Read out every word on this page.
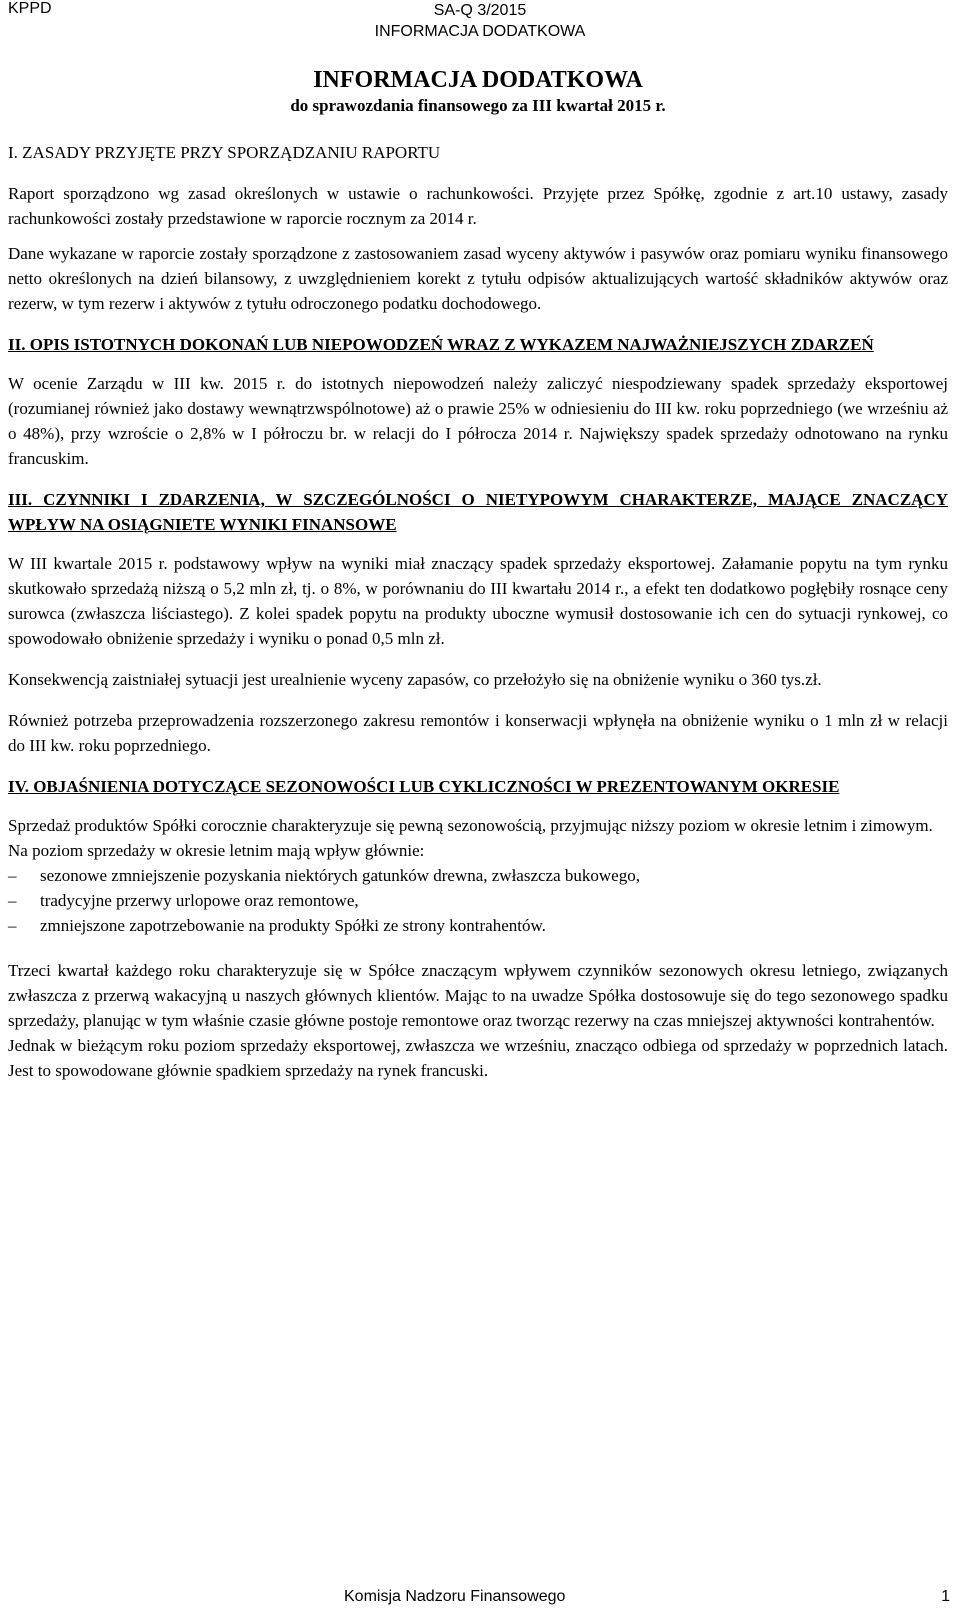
KPPD	SA-Q 3/2015
INFORMACJA DODATKOWA
INFORMACJA DODATKOWA
do sprawozdania finansowego za III kwartał 2015 r.
I. ZASADY PRZYJĘTE PRZY SPORZĄDZANIU RAPORTU

Raport sporządzono wg zasad określonych w ustawie o rachunkowości. Przyjęte przez Spółkę, zgodnie z art.10 ustawy, zasady rachunkowości zostały przedstawione w raporcie rocznym za 2014 r.

Dane wykazane w raporcie zostały sporządzone z zastosowaniem zasad wyceny aktywów i pasywów oraz pomiaru wyniku finansowego netto określonych na dzień bilansowy, z uwzględnieniem korekt z tytułu odpisów aktualizujących wartość składników aktywów oraz rezerw, w tym rezerw i aktywów z tytułu odroczonego podatku dochodowego.

II. OPIS ISTOTNYCH DOKONAŃ LUB NIEPOWODZEŃ WRAZ Z WYKAZEM NAJWAŻNIEJSZYCH ZDARZEŃ

W ocenie Zarządu w III kw. 2015 r. do istotnych niepowodzeń należy zaliczyć niespodziewany spadek sprzedaży eksportowej (rozumianej również jako dostawy wewnątrzwspólnotowe) aż o prawie 25% w odniesieniu do III kw. roku poprzedniego (we wrześniu aż o 48%), przy wzroście o 2,8% w I półroczu br. w relacji do I półrocza 2014 r. Największy spadek sprzedaży odnotowano na rynku francuskim.

III. CZYNNIKI I ZDARZENIA, W SZCZEGÓLNOŚCI O NIETYPOWYM CHARAKTERZE, MAJĄCE ZNACZĄCY WPŁYW NA OSIĄGNIETE WYNIKI FINANSOWE

W III kwartale 2015 r. podstawowy wpływ na wyniki miał znaczący spadek sprzedaży eksportowej. Załamanie popytu na tym rynku skutkowało sprzedażą niższą o 5,2 mln zł, tj. o 8%, w porównaniu do III kwartału 2014 r., a efekt ten dodatkowo pogłębiły rosnące ceny surowca (zwłaszcza liściastego). Z kolei spadek popytu na produkty uboczne wymusił dostosowanie ich cen do sytuacji rynkowej, co spowodowało obniżenie sprzedaży i wyniku o ponad 0,5 mln zł.

Konsekwencją zaistniałej sytuacji jest urealnienie wyceny zapasów, co przełożyło się na obniżenie wyniku o 360 tys.zł.

Również potrzeba przeprowadzenia rozszerzonego zakresu remontów i konserwacji wpłynęła na obniżenie wyniku o 1 mln zł w relacji do III kw. roku poprzedniego.

IV. OBJAŚNIENIA DOTYCZĄCE SEZONOWOŚCI LUB CYKLICZNOŚCI W PREZENTOWANYM OKRESIE

Sprzedaż produktów Spółki corocznie charakteryzuje się pewną sezonowością, przyjmując niższy poziom w okresie letnim i zimowym.

Na poziom sprzedaży w okresie letnim mają wpływ głównie:

– sezonowe zmniejszenie pozyskania niektórych gatunków drewna, zwłaszcza bukowego,
– tradycyjne przerwy urlopowe oraz remontowe,
– zmniejszone zapotrzebowanie na produkty Spółki ze strony kontrahentów.

Trzeci kwartał każdego roku charakteryzuje się w Spółce znaczącym wpływem czynników sezonowych okresu letniego, związanych zwłaszcza z przerwą wakacyjną u naszych głównych klientów. Mając to na uwadze Spółka dostosowuje się do tego sezonowego spadku sprzedaży, planując w tym właśnie czasie główne postoje remontowe oraz tworząc rezerwy na czas mniejszej aktywności kontrahentów.

Jednak w bieżącym roku poziom sprzedaży eksportowej, zwłaszcza we wrześniu, znacząco odbiega od sprzedaży w poprzednich latach. Jest to spowodowane głównie spadkiem sprzedaży na rynek francuski.

Komisja Nadzoru Finansowego	1
